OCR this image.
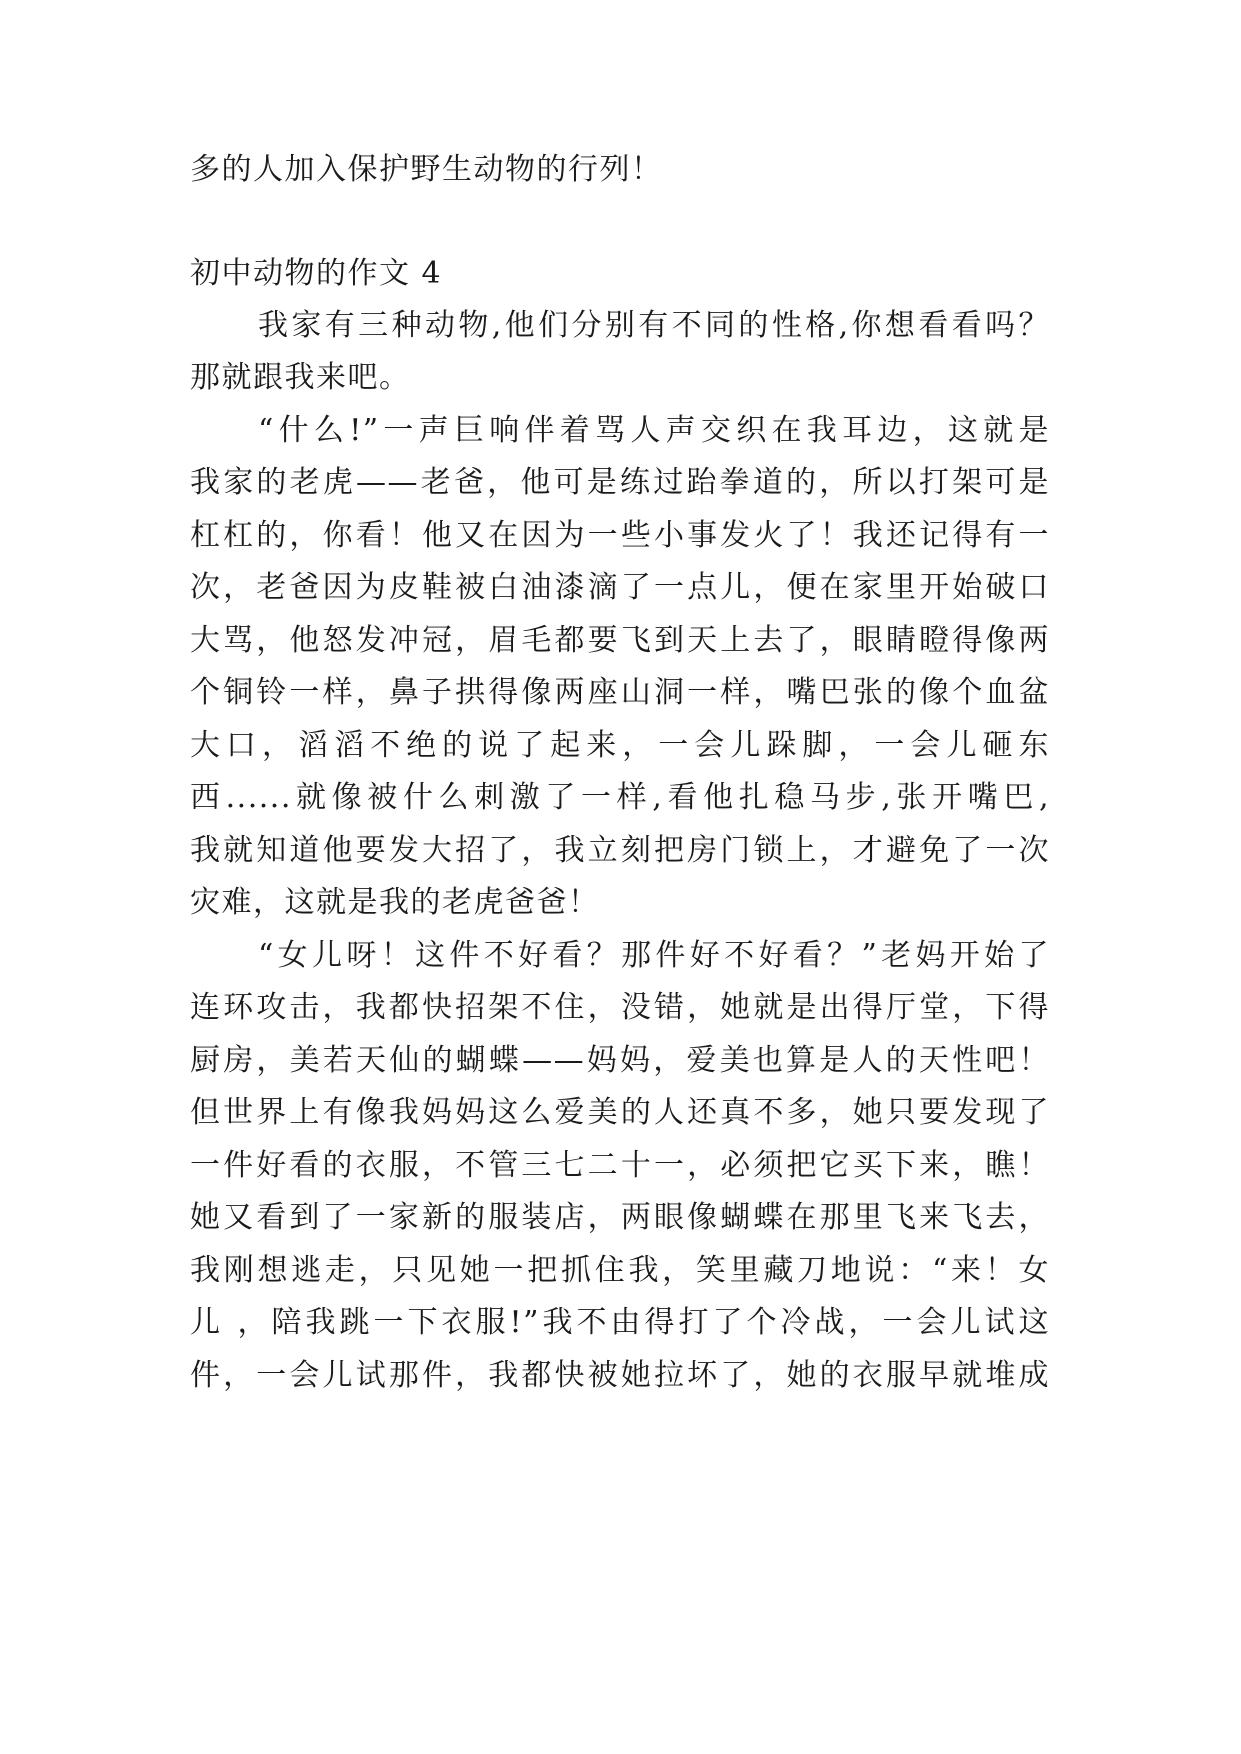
多的人加入保护野生动物的行列！
初中动物的作文 4
我家有三种动物,他们分别有不同的性格,你想看看吗？
那就跟我来吧。
“什么!”一声巨响伴着骂人声交织在我耳边，这就是
我家的老虎——老爸，他可是练过跆拳道的，所以打架可是
杠杠的，你看！他又在因为一些小事发火了！我还记得有一
次，老爸因为皮鞋被白油漆滴了一点儿，便在家里开始破口
大骂，他怒发冲冠，眉毛都要飞到天上去了，眼睛瞪得像两
个铜铃一样，鼻子拱得像两座山洞一样，嘴巴张的像个血盆
大口，滔滔不绝的说了起来，一会儿跺脚，一会儿砸东
西......就像被什么刺激了一样,看他扎稳马步,张开嘴巴,
我就知道他要发大招了，我立刻把房门锁上，才避免了一次
灾难，这就是我的老虎爸爸！
“女儿呀！这件不好看？那件好不好看？”老妈开始了
连环攻击，我都快招架不住，没错，她就是出得厅堂，下得
厨房，美若天仙的蝴蝶——妈妈，爱美也算是人的天性吧！
但世界上有像我妈妈这么爱美的人还真不多，她只要发现了
一件好看的衣服，不管三七二十一，必须把它买下来，瞧！
她又看到了一家新的服装店，两眼像蝴蝶在那里飞来飞去，
我刚想逃走，只见她一把抓住我，笑里藏刀地说：“来！女
儿 ，陪我跳一下衣服!”我不由得打了个冷战，一会儿试这
件，一会儿试那件，我都快被她拉坏了，她的衣服早就堆成
